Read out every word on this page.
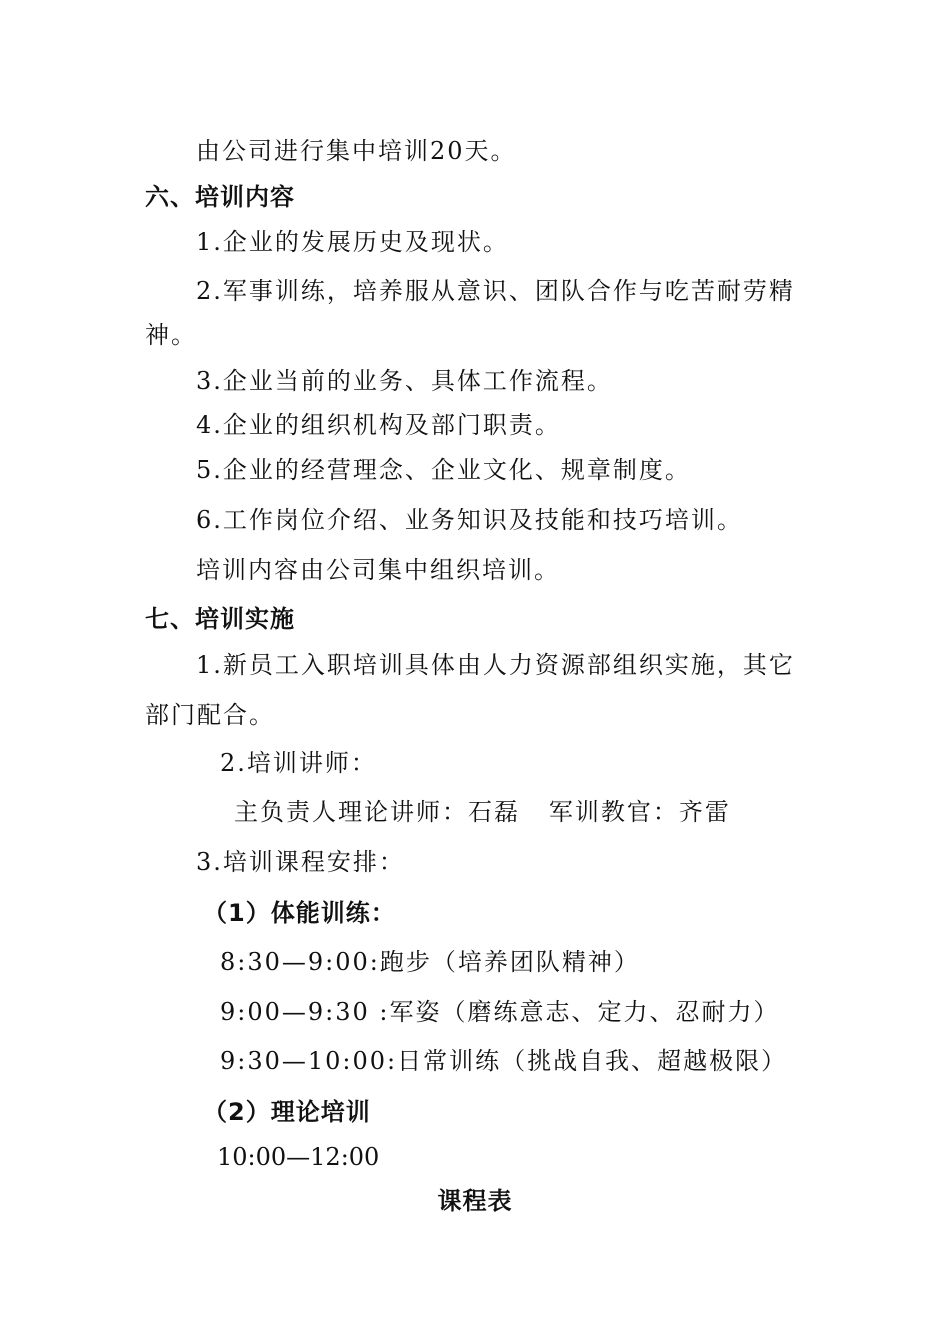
由公司进行集中培训20天。
六、培训内容
1.企业的发展历史及现状。
2.军事训练，培养服从意识、团队合作与吃苦耐劳精
神。
3.企业当前的业务、具体工作流程。
4.企业的组织机构及部门职责。
5.企业的经营理念、企业文化、规章制度。
6.工作岗位介绍、业务知识及技能和技巧培训。
培训内容由公司集中组织培训。
七、培训实施
1.新员工入职培训具体由人力资源部组织实施，其它
部门配合。
2.培训讲师：
主负责人理论讲师：石磊   军训教官：齐雷
3.培训课程安排：
（1）体能训练：
8:30—9:00:跑步（培养团队精神）
9:00—9:30 :军姿（磨练意志、定力、忍耐力）
9:30—10:00:日常训练（挑战自我、超越极限）
（2）理论培训
10:00—12:00
课程表
